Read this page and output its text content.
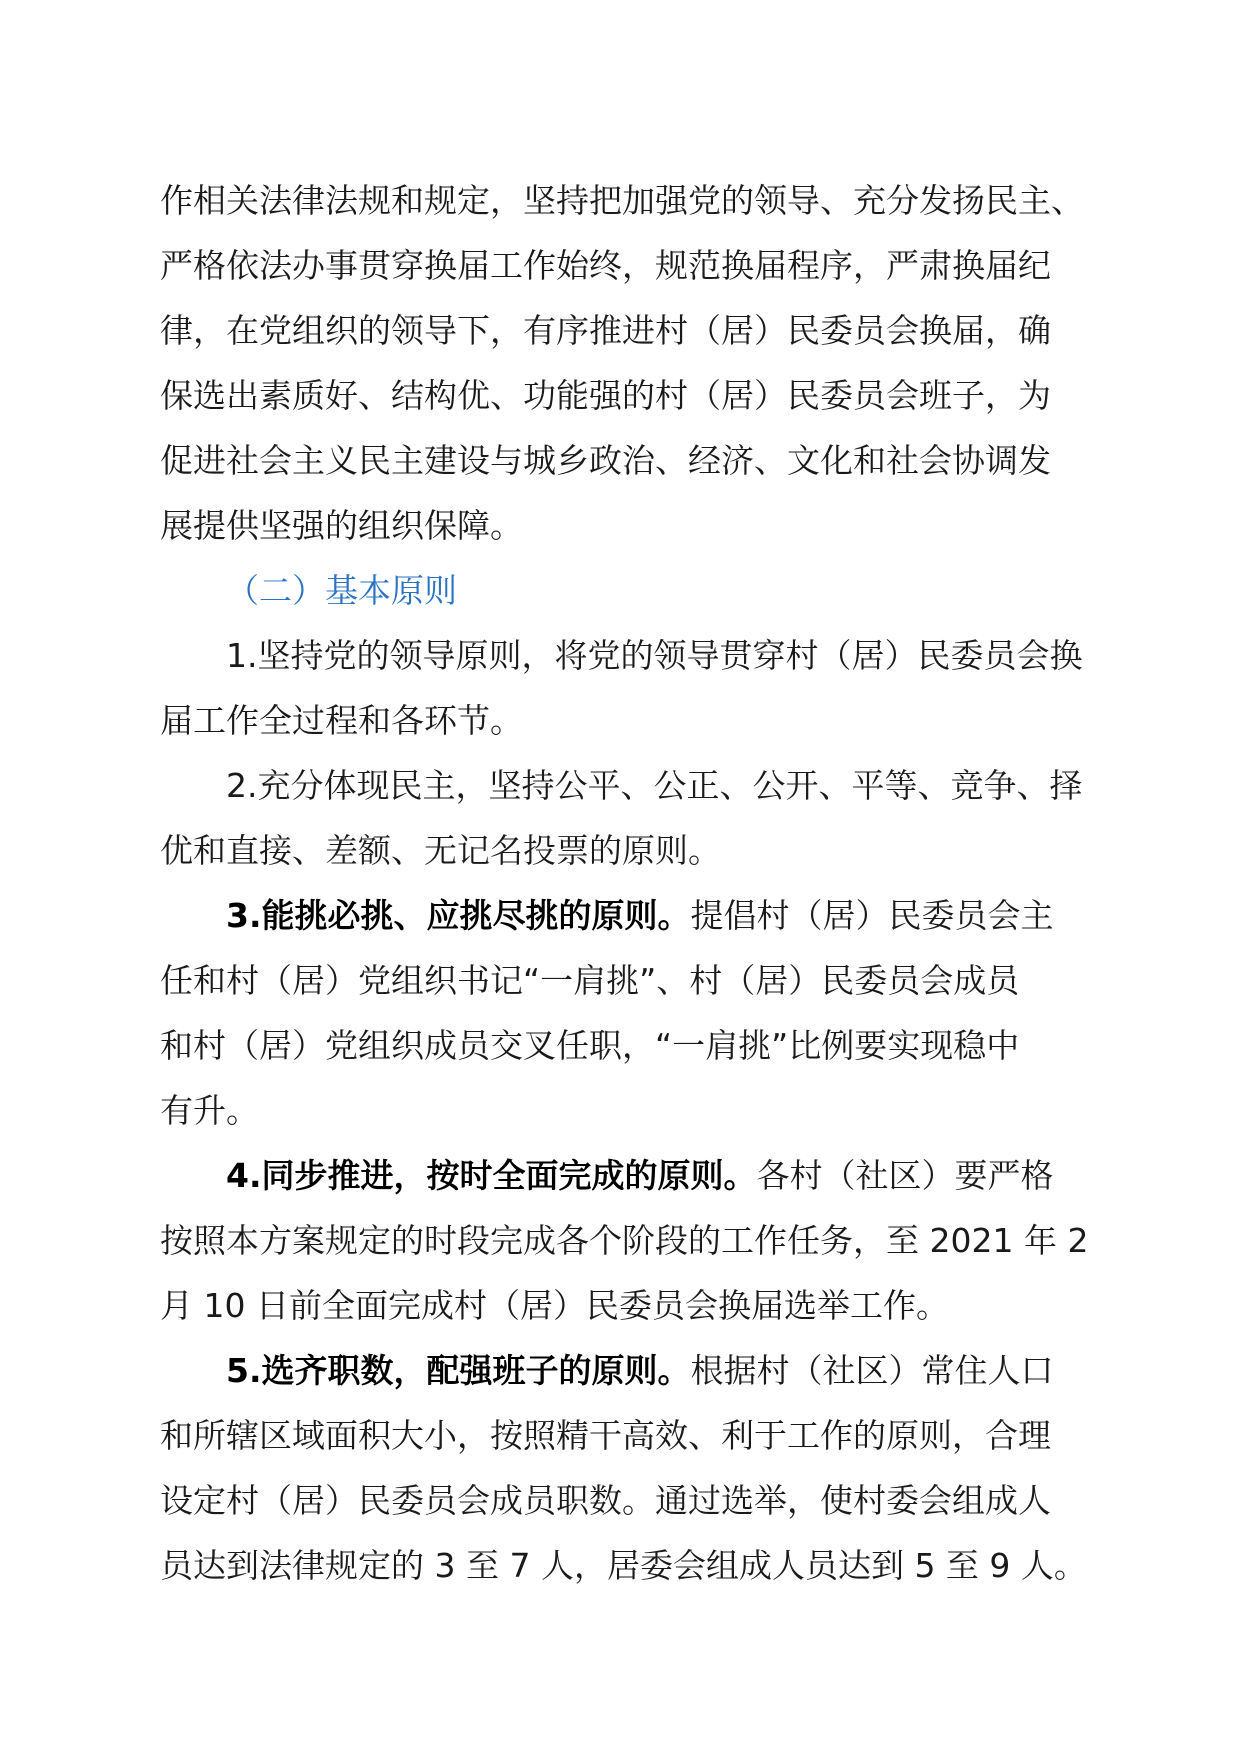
作相关法律法规和规定，坚持把加强党的领导、充分发扬民主、
严格依法办事贯穿换届工作始终，规范换届程序，严肃换届纪
律，在党组织的领导下，有序推进村（居）民委员会换届，确
保选出素质好、结构优、功能强的村（居）民委员会班子，为
促进社会主义民主建设与城乡政治、经济、文化和社会协调发
展提供坚强的组织保障。
（二）基本原则
1.坚持党的领导原则，将党的领导贯穿村（居）民委员会换
届工作全过程和各环节。
2.充分体现民主，坚持公平、公正、公开、平等、竞争、择
优和直接、差额、无记名投票的原则。
3.能挑必挑、应挑尽挑的原则。提倡村（居）民委员会主
任和村（居）党组织书记“一肩挑”、村（居）民委员会成员
和村（居）党组织成员交叉任职，“一肩挑”比例要实现稳中
有升。
4.同步推进，按时全面完成的原则。各村（社区）要严格
按照本方案规定的时段完成各个阶段的工作任务，至 2021 年 2
月 10 日前全面完成村（居）民委员会换届选举工作。
5.选齐职数，配强班子的原则。根据村（社区）常住人口
和所辖区域面积大小，按照精干高效、利于工作的原则，合理
设定村（居）民委员会成员职数。通过选举，使村委会组成人
员达到法律规定的 3 至 7 人，居委会组成人员达到 5 至 9 人。
